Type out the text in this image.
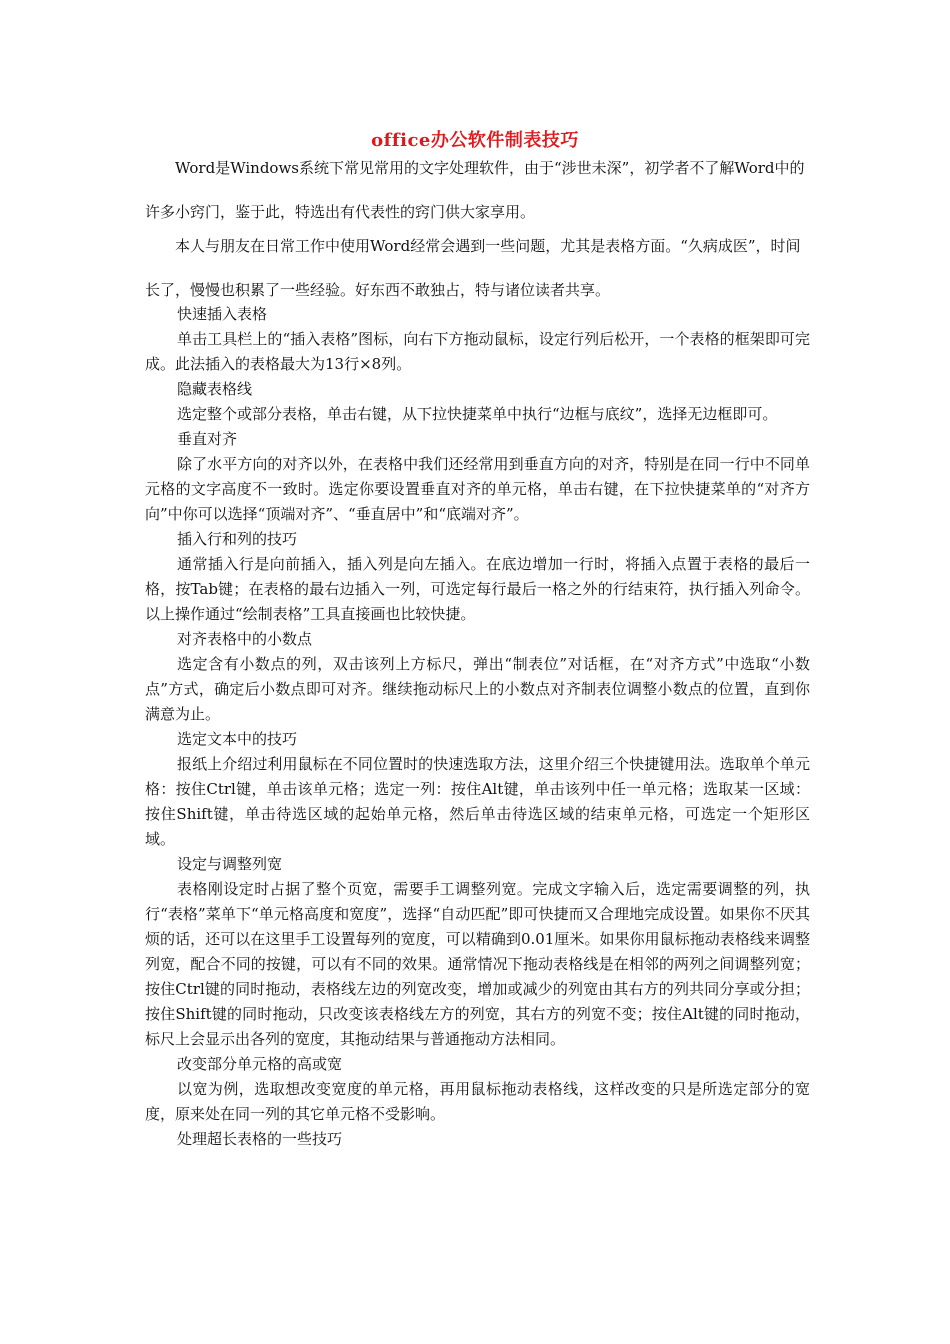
office办公软件制表技巧

Word是Windows系统下常见常用的文字处理软件，由于“涉世未深”，初学者不了解Word中的许多小窍门，鉴于此，特选出有代表性的窍门供大家享用。

本人与朋友在日常工作中使用Word经常会遇到一些问题，尤其是表格方面。“久病成医”，时间长了，慢慢也积累了一些经验。好东西不敢独占，特与诸位读者共享。

快速插入表格

单击工具栏上的“插入表格”图标，向右下方拖动鼠标，设定行列后松开，一个表格的框架即可完成。此法插入的表格最大为13行×8列。

隐藏表格线

选定整个或部分表格，单击右键，从下拉快捷菜单中执行“边框与底纹”，选择无边框即可。

垂直对齐

除了水平方向的对齐以外，在表格中我们还经常用到垂直方向的对齐，特别是在同一行中不同单元格的文字高度不一致时。选定你要设置垂直对齐的单元格，单击右键，在下拉快捷菜单的“对齐方向”中你可以选择“顶端对齐”、“垂直居中”和“底端对齐”。

插入行和列的技巧

通常插入行是向前插入，插入列是向左插入。在底边增加一行时，将插入点置于表格的最后一格，按Tab键；在表格的最右边插入一列，可选定每行最后一格之外的行结束符，执行插入列命令。以上操作通过“绘制表格”工具直接画也比较快捷。

对齐表格中的小数点

选定含有小数点的列，双击该列上方标尺，弹出“制表位”对话框，在“对齐方式”中选取“小数点”方式，确定后小数点即可对齐。继续拖动标尺上的小数点对齐制表位调整小数点的位置，直到你满意为止。

选定文本中的技巧

报纸上介绍过利用鼠标在不同位置时的快速选取方法，这里介绍三个快捷键用法。选取单个单元格：按住Ctrl键，单击该单元格；选定一列：按住Alt键，单击该列中任一单元格；选取某一区域：按住Shift键，单击待选区域的起始单元格，然后单击待选区域的结束单元格，可选定一个矩形区域。

设定与调整列宽

表格刚设定时占据了整个页宽，需要手工调整列宽。完成文字输入后，选定需要调整的列，执行“表格”菜单下“单元格高度和宽度”，选择“自动匹配”即可快捷而又合理地完成设置。如果你不厌其烦的话，还可以在这里手工设置每列的宽度，可以精确到0.01厘米。如果你用鼠标拖动表格线来调整列宽，配合不同的按键，可以有不同的效果。通常情况下拖动表格线是在相邻的两列之间调整列宽；按住Ctrl键的同时拖动，表格线左边的列宽改变，增加或减少的列宽由其右方的列共同分享或分担；按住Shift键的同时拖动，只改变该表格线左方的列宽，其右方的列宽不变；按住Alt键的同时拖动，标尺上会显示出各列的宽度，其拖动结果与普通拖动方法相同。

改变部分单元格的高或宽

以宽为例，选取想改变宽度的单元格，再用鼠标拖动表格线，这样改变的只是所选定部分的宽度，原来处在同一列的其它单元格不受影响。

处理超长表格的一些技巧
